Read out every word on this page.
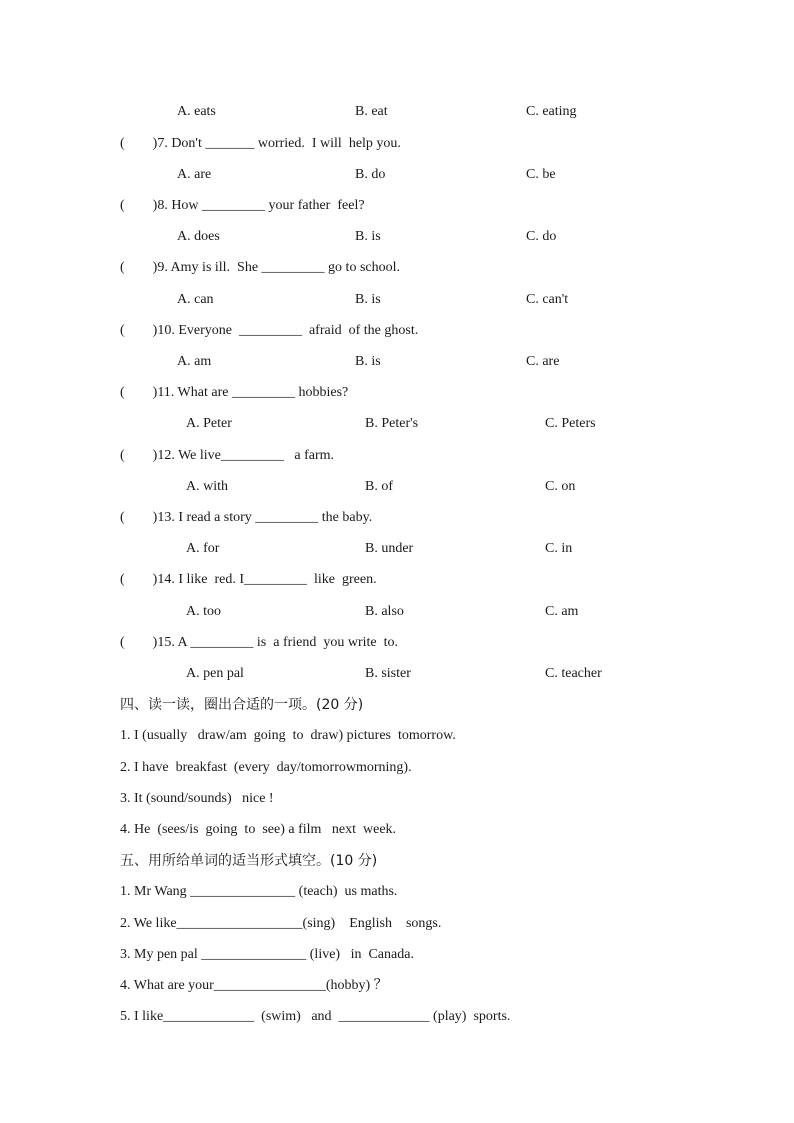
A. eats	B. eat	C. eating
(        )7. Don't _______ worried.  I will  help you.
A. are	B. do	C. be
(        )8. How _________ your father  feel?
A. does	B. is	C. do
(        )9. Amy is ill.  She _________ go to school.
A. can	B. is	C. can't
(        )10. Everyone  _________  afraid  of the ghost.
A. am	B. is	C. are
(        )11. What are _________ hobbies?
A. Peter	B. Peter's	C. Peters
(        )12. We live_________   a farm.
A. with	B. of	C. on
(        )13. I read a story _________ the baby.
A. for	B. under	C. in
(        )14. I like  red. I_________  like  green.
A. too	B. also	C. am
(        )15. A _________ is  a friend  you write  to.
A. pen pal	B. sister	C. teacher
四、读一读，圈出合适的一项。(20 分)
1. I (usually   draw/am  going  to  draw) pictures  tomorrow.
2. I have  breakfast  (every  day/tomorrowmorning).
3. It (sound/sounds)   nice !
4. He  (sees/is  going  to  see) a film   next  week.
五、用所给单词的适当形式填空。(10 分)
1. Mr Wang _______________ (teach)  us maths.
2. We like__________________(sing)    English    songs.
3. My pen pal _______________ (live)   in  Canada.
4. What are your________________(hobby) ？
5. I like_____________  (swim)   and  _____________ (play)  sports.
